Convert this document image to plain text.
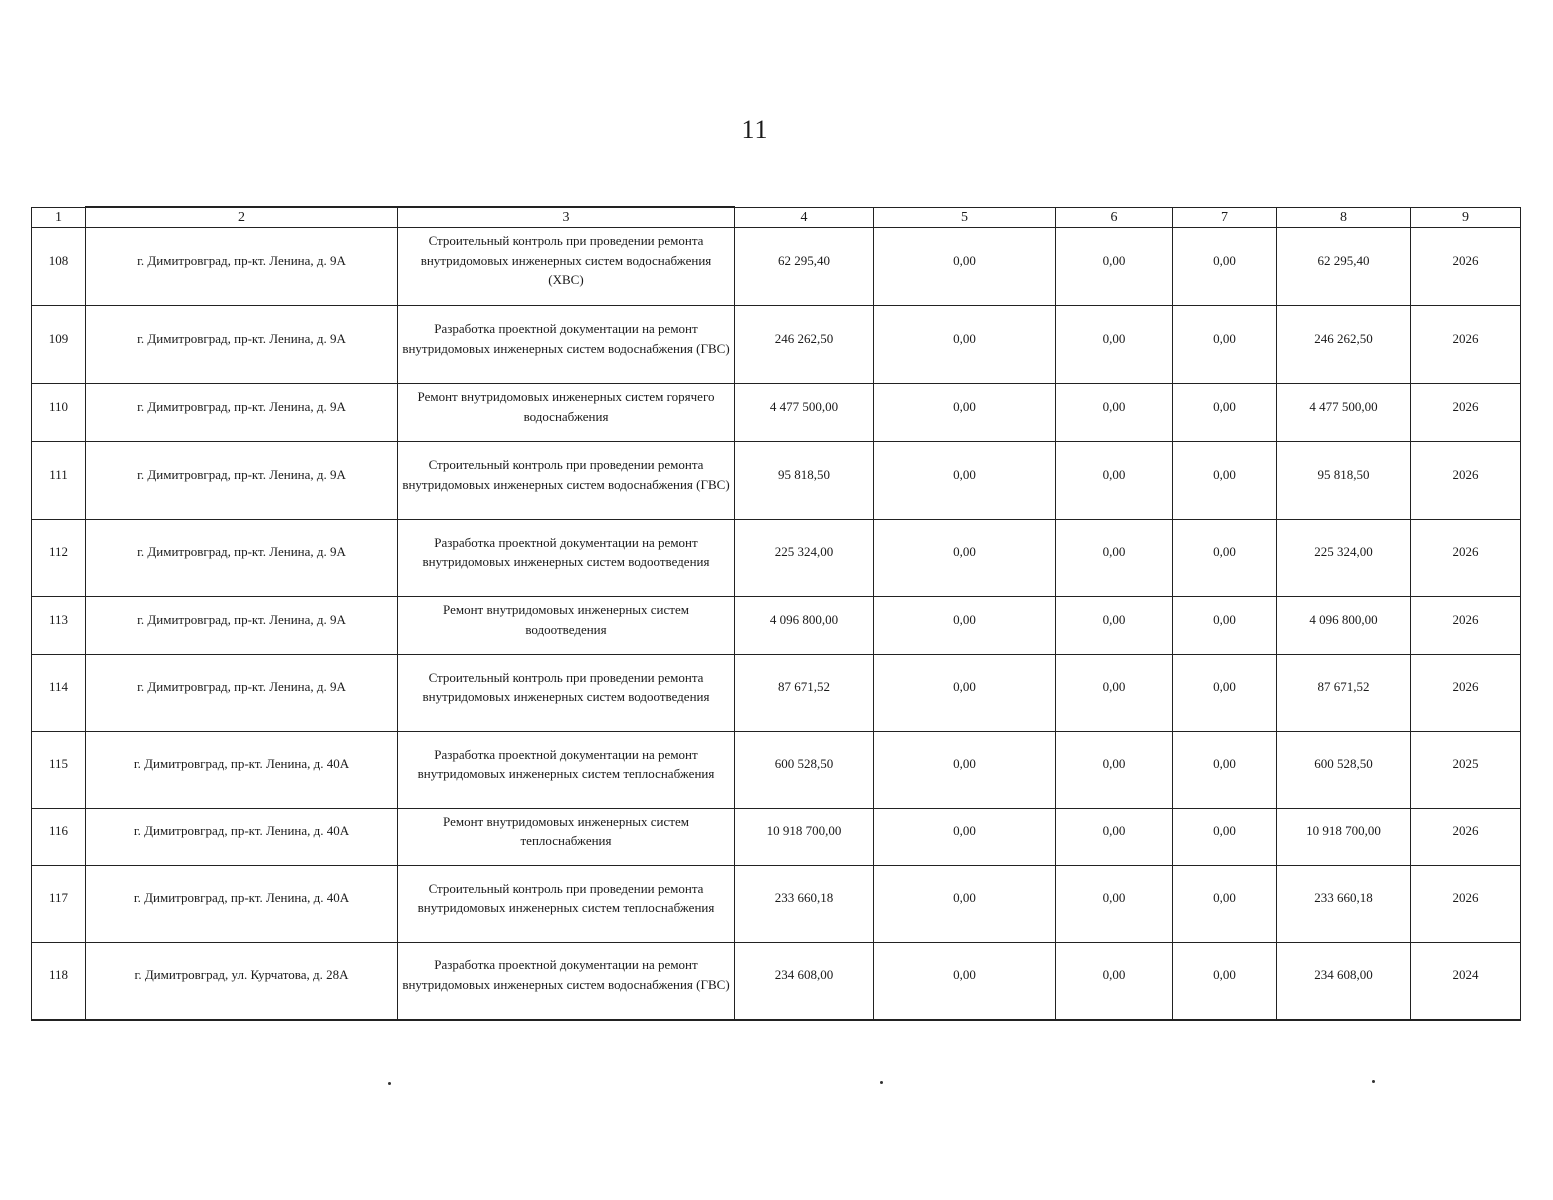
11
1	2	3	4	5	6	7	8	9
108	г. Димитровград, пр-кт. Ленина, д. 9А	Строительный контроль при проведении ремонта внутридомовых инженерных систем водоснабжения (ХВС)	62 295,40	0,00	0,00	0,00	62 295,40	2026
109	г. Димитровград, пр-кт. Ленина, д. 9А	Разработка проектной документации на ремонт внутридомовых инженерных систем водоснабжения (ГВС)	246 262,50	0,00	0,00	0,00	246 262,50	2026
110	г. Димитровград, пр-кт. Ленина, д. 9А	Ремонт внутридомовых инженерных систем горячего водоснабжения	4 477 500,00	0,00	0,00	0,00	4 477 500,00	2026
111	г. Димитровград, пр-кт. Ленина, д. 9А	Строительный контроль при проведении ремонта внутридомовых инженерных систем водоснабжения (ГВС)	95 818,50	0,00	0,00	0,00	95 818,50	2026
112	г. Димитровград, пр-кт. Ленина, д. 9А	Разработка проектной документации на ремонт внутридомовых инженерных систем водоотведения	225 324,00	0,00	0,00	0,00	225 324,00	2026
113	г. Димитровград, пр-кт. Ленина, д. 9А	Ремонт внутридомовых инженерных систем водоотведения	4 096 800,00	0,00	0,00	0,00	4 096 800,00	2026
114	г. Димитровград, пр-кт. Ленина, д. 9А	Строительный контроль при проведении ремонта внутридомовых инженерных систем водоотведения	87 671,52	0,00	0,00	0,00	87 671,52	2026
115	г. Димитровград, пр-кт. Ленина, д. 40А	Разработка проектной документации на ремонт внутридомовых инженерных систем теплоснабжения	600 528,50	0,00	0,00	0,00	600 528,50	2025
116	г. Димитровград, пр-кт. Ленина, д. 40А	Ремонт внутридомовых инженерных систем теплоснабжения	10 918 700,00	0,00	0,00	0,00	10 918 700,00	2026
117	г. Димитровград, пр-кт. Ленина, д. 40А	Строительный контроль при проведении ремонта внутридомовых инженерных систем теплоснабжения	233 660,18	0,00	0,00	0,00	233 660,18	2026
118	г. Димитровград, ул. Курчатова, д. 28А	Разработка проектной документации на ремонт внутридомовых инженерных систем водоснабжения (ГВС)	234 608,00	0,00	0,00	0,00	234 608,00	2024
